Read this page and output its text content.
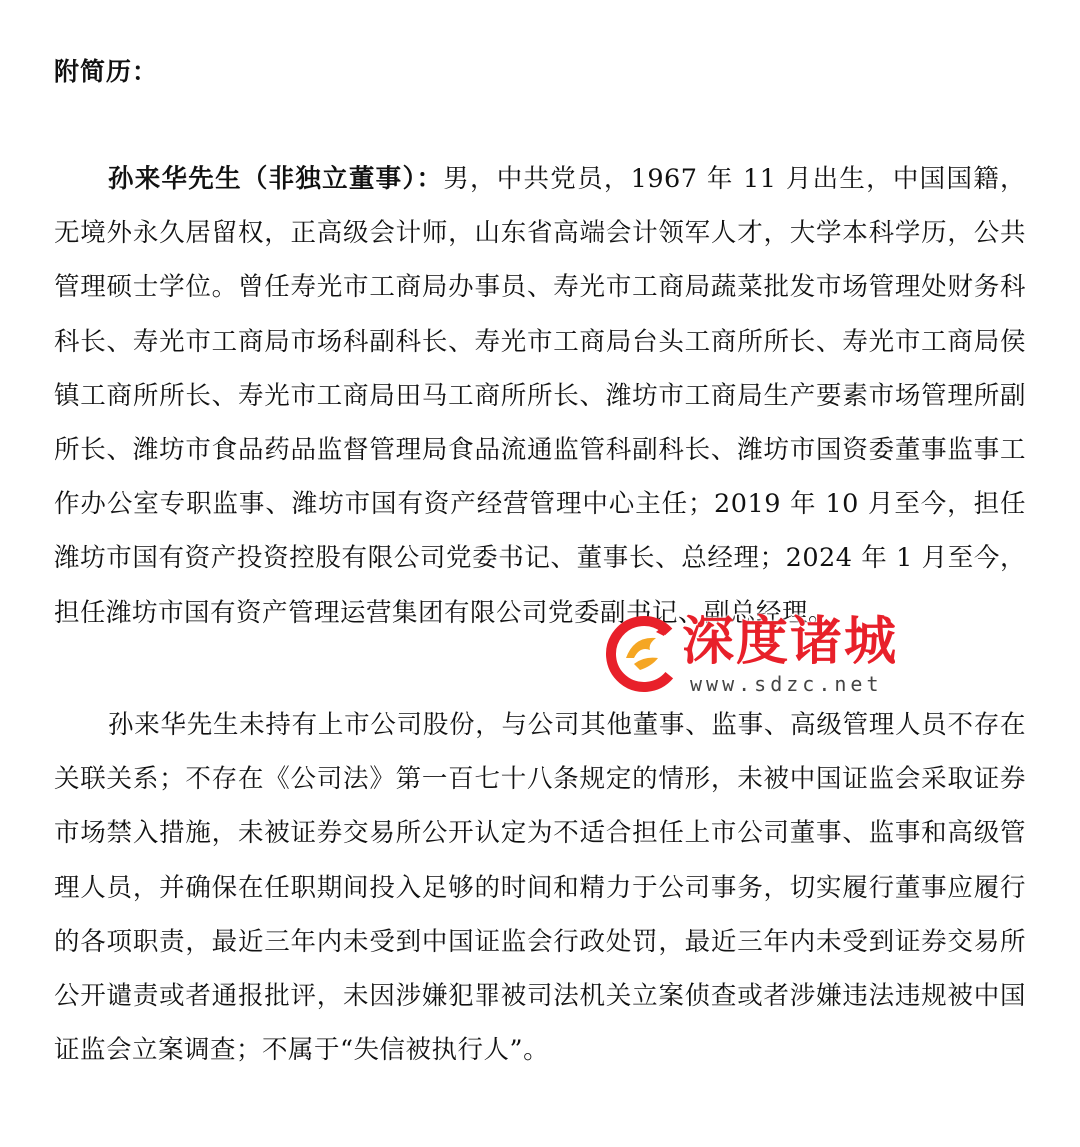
附简历：
孙来华先生（非独立董事）：男，中共党员，1967 年 11 月出生，中国国籍，无境外永久居留权，正高级会计师，山东省高端会计领军人才，大学本科学历，公共管理硕士学位。曾任寿光市工商局办事员、寿光市工商局蔬菜批发市场管理处财务科科长、寿光市工商局市场科副科长、寿光市工商局台头工商所所长、寿光市工商局侯镇工商所所长、寿光市工商局田马工商所所长、潍坊市工商局生产要素市场管理所副所长、潍坊市食品药品监督管理局食品流通监管科副科长、潍坊市国资委董事监事工作办公室专职监事、潍坊市国有资产经营管理中心主任；2019 年 10 月至今，担任潍坊市国有资产投资控股有限公司党委书记、董事长、总经理；2024 年 1 月至今，担任潍坊市国有资产管理运营集团有限公司党委副书记、副总经理。
孙来华先生未持有上市公司股份，与公司其他董事、监事、高级管理人员不存在关联关系；不存在《公司法》第一百七十八条规定的情形，未被中国证监会采取证券市场禁入措施，未被证券交易所公开认定为不适合担任上市公司董事、监事和高级管理人员，并确保在任职期间投入足够的时间和精力于公司事务，切实履行董事应履行的各项职责，最近三年内未受到中国证监会行政处罚，最近三年内未受到证券交易所公开谴责或者通报批评，未因涉嫌犯罪被司法机关立案侦查或者涉嫌违法违规被中国证监会立案调查；不属于“失信被执行人”。
深度诸城
www.sdzc.net
